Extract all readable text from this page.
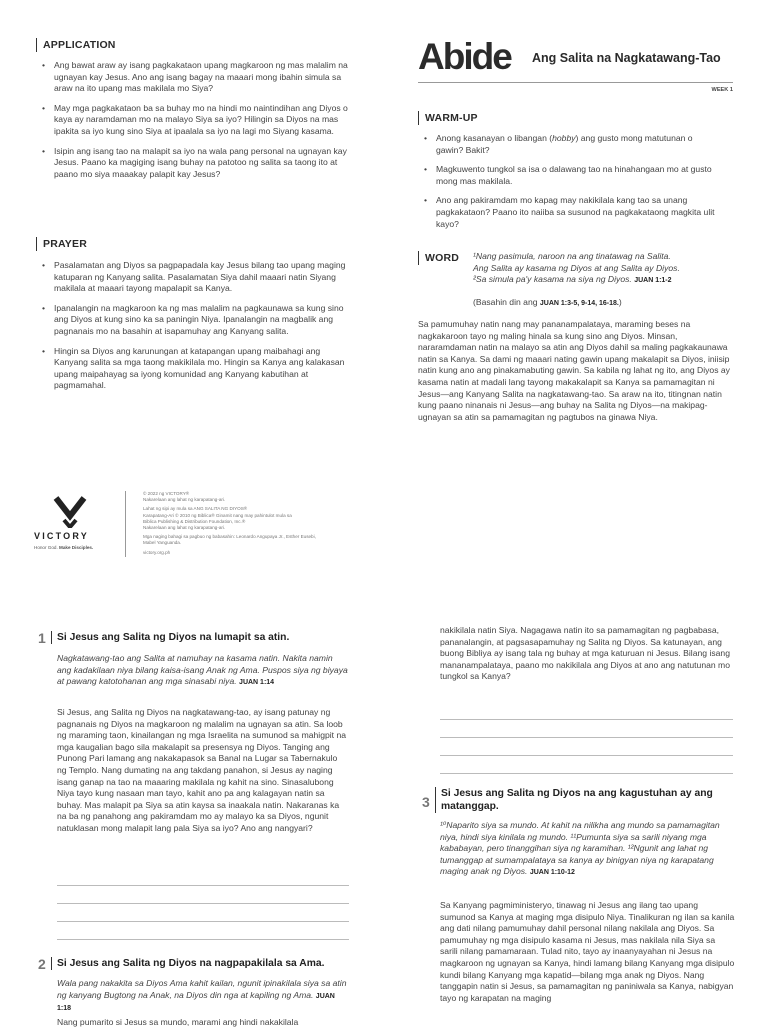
APPLICATION
• Ang bawat araw ay isang pagkakataon upang magkaroon ng mas malalim na ugnayan kay Jesus. Ano ang isang bagay na maaari mong ibahin simula sa araw na ito upang mas makilala mo Siya?
• May mga pagkakataon ba sa buhay mo na hindi mo naintindihan ang Diyos o kaya ay naramdaman mo na malayo Siya sa iyo? Hilingin sa Diyos na mas ipakita sa iyo kung sino Siya at ipaalala sa iyo na lagi mo Siyang kasama.
• Isipin ang isang tao na malapit sa iyo na wala pang personal na ugnayan kay Jesus. Paano ka magiging isang buhay na patotoo ng salita sa taong ito at paano mo siya maaakay palapit kay Jesus?
PRAYER
• Pasalamatan ang Diyos sa pagpapadala kay Jesus bilang tao upang maging katuparan ng Kanyang salita. Pasalamatan Siya dahil maaari natin Siyang makilala at maaari tayong mapalapit sa Kanya.
• Ipanalangin na magkaroon ka ng mas malalim na pagkaunawa sa kung sino ang Diyos at kung sino ka sa paningin Niya. Ipanalangin na magbalik ang pagnanais mo na basahin at isapamuhay ang Kanyang salita.
• Hingin sa Diyos ang karunungan at katapangan upang maibahagi ang Kanyang salita sa mga taong makikilala mo. Hingin sa Kanya ang kalakasan upang maipahayag sa iyong komunidad ang Kanyang kabutihan at pagmamahal.
Abide Ang Salita na Nagkatawang-Tao
WEEK 1
WARM-UP
• Anong kasanayan o libangan (hobby) ang gusto mong matutunan o gawin? Bakit?
• Magkuwento tungkol sa isa o dalawang tao na hinahangaan mo at gusto mong mas makilala.
• Ano ang pakiramdam mo kapag may nakikilala kang tao sa unang pagkakataon? Paano ito naiiba sa susunod na pagkakataong magkita ulit kayo?
WORD ¹Nang pasimula, naroon na ang tinatawag na Salita.
Ang Salita ay kasama ng Diyos at ang Salita ay Diyos.
²Sa simula pa'y kasama na siya ng Diyos. JUAN 1:1-2
(Basahin din ang JUAN 1:3-5, 9-14, 16-18.)
Sa pamumuhay natin nang may pananampalataya, maraming beses na nagkakaroon tayo ng maling hinala sa kung sino ang Diyos. Minsan, nararamdaman natin na malayo sa atin ang Diyos dahil sa maling pagkakaunawa natin sa Kanya. Sa dami ng maaari nating gawin upang makalapit sa Diyos, iniisip natin kung ano ang pinakamabuting gawin. Sa kabila ng lahat ng ito, ang Diyos ay kasama natin at madali lang tayong makakalapit sa Kanya sa pamamagitan ni Jesus—ang Kanyang Salita na nagkatawang-tao. Sa araw na ito, titingnan natin kung paano ninanais ni Jesus—ang buhay na Salita ng Diyos—na makipag-ugnayan sa atin sa pamamagitan ng pagtubos na ginawa Niya.
VICTORY
Honor God. Make Disciples.
© 2022 ng VICTORY®
Nakarelaan ang lahat ng karapatang-ari.
Lahat ng sipi ay mula sa ANG SALITA NG DIYOS®
Karapatang-Ari © 2010 ng Biblica® Ginamit nang may pahintulot mula sa
Biblica Publishing & Distribution Foundation, Inc.®
Nakarelaan ang lahat ng karapatang-ari.
Mga naging bahagi sa pagbuo ng babasahin: Leonardo Angupaya Jr., Esther Eusebi,
Mabel Yanguanda.
victory.org.ph
1	Si Jesus ang Salita ng Diyos na lumapit sa atin.
Nagkatawang-tao ang Salita at namuhay na kasama natin. Nakita namin ang kadakilaan niya bilang kaisa-isang Anak ng Ama. Puspos siya ng biyaya at pawang katotohanan ang mga sinasabi niya. JUAN 1:14
Si Jesus, ang Salita ng Diyos na nagkatawang-tao, ay isang patunay ng pagnanais ng Diyos na magkaroon ng malalim na ugnayan sa atin. Sa loob ng maraming taon, kinailangan ng mga Israelita na sumunod sa mahigpit na mga kaugalian bago sila makalapit sa presensya ng Diyos. Tanging ang Punong Pari lamang ang nakakapasok sa Banal na Lugar sa Tabernakulo ng Templo. Nang dumating na ang takdang panahon, si Jesus ay naging isang ganap na tao na maaaring makilala ng kahit na sino. Sinasalubong Niya tayo kung nasaan man tayo, kahit ano pa ang kalagayan natin sa buhay. Mas malapit pa Siya sa atin kaysa sa inaakala natin. Nakaranas ka na ba ng panahong ang pakiramdam mo ay malayo ka sa Diyos, ngunit natuklasan mong malapit lang pala Siya sa iyo? Ano ang nangyari?
2	Si Jesus ang Salita ng Diyos na nagpapakilala sa Ama.
Wala pang nakakita sa Diyos Ama kahit kailan, ngunit ipinakilala siya sa atin ng kanyang Bugtong na Anak, na Diyos din nga at kapiling ng Ama. JUAN 1:18
Nang pumarito si Jesus sa mundo, marami ang hindi nakakilala
nakikilala natin Siya. Nagagawa natin ito sa pamamagitan ng pagbabasa, pananalangin, at pagsasapamuhay ng Salita ng Diyos. Sa katunayan, ang buong Bibliya ay isang tala ng buhay at mga katuruan ni Jesus. Bilang isang mananampalataya, paano mo nakikilala ang Diyos at ano ang natutunan mo tungkol sa Kanya?
3
Si Jesus ang Salita ng Diyos na ang kagustuhan ay ang matanggap.
¹⁰Naparito siya sa mundo. At kahit na nilikha ang mundo sa pamamagitan niya, hindi siya kinilala ng mundo. ¹¹Pumunta siya sa sarili niyang mga kababayan, pero tinanggihan siya ng karamihan. ¹²Ngunit ang lahat ng tumanggap at sumampalataya sa kanya ay binigyan niya ng karapatang maging anak ng Diyos. JUAN 1:10-12
Sa Kanyang pagmiministeryo, tinawag ni Jesus ang ilang tao upang sumunod sa Kanya at maging mga disipulo Niya. Tinalikuran ng ilan sa kanila ang dati nilang pamumuhay dahil personal nilang nakilala ang Diyos. Sa pamumuhay ng mga disipulo kasama ni Jesus, mas nakilala nila Siya sa sarili nilang pamamaraan. Tulad nito, tayo ay inaanyayahan ni Jesus na magkaroon ng ugnayan sa Kanya, hindi lamang bilang Kanyang mga disipulo kundi bilang Kanyang mga kapatid—bilang mga anak ng Diyos. Nang tanggapin natin si Jesus, sa pamamagitan ng paniniwala sa Kanya, nabigyan tayo ng karapatan na maging
